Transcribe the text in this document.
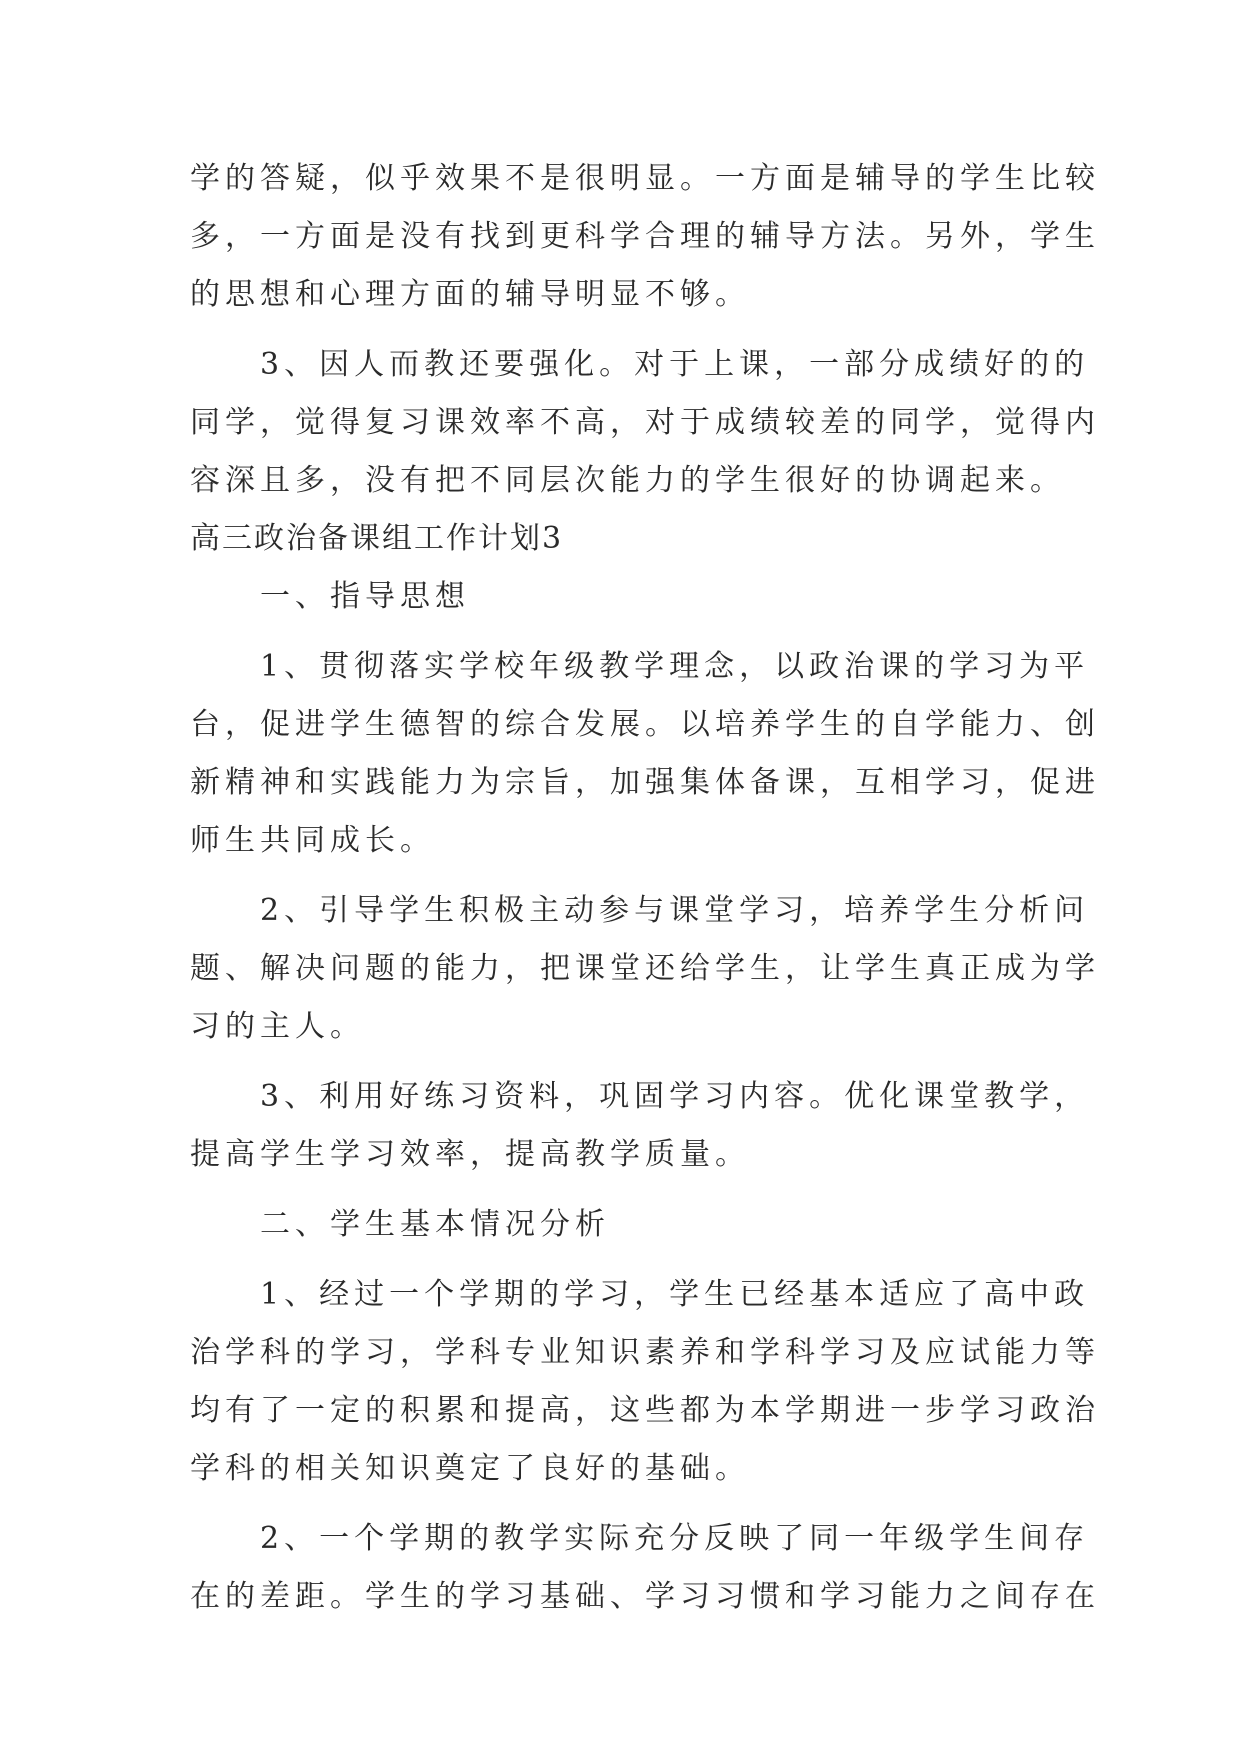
学的答疑，似乎效果不是很明显。一方面是辅导的学生比较
多，一方面是没有找到更科学合理的辅导方法。另外，学生
的思想和心理方面的辅导明显不够。
　　3、因人而教还要强化。对于上课，一部分成绩好的的
同学，觉得复习课效率不高，对于成绩较差的同学，觉得内
容深且多，没有把不同层次能力的学生很好的协调起来。
高三政治备课组工作计划3
　　一、指导思想
　　1、贯彻落实学校年级教学理念，以政治课的学习为平
台，促进学生德智的综合发展。以培养学生的自学能力、创
新精神和实践能力为宗旨，加强集体备课，互相学习，促进
师生共同成长。
　　2、引导学生积极主动参与课堂学习，培养学生分析问
题、解决问题的能力，把课堂还给学生，让学生真正成为学
习的主人。
　　3、利用好练习资料，巩固学习内容。优化课堂教学，
提高学生学习效率，提高教学质量。
　　二、学生基本情况分析
　　1、经过一个学期的学习，学生已经基本适应了高中政
治学科的学习，学科专业知识素养和学科学习及应试能力等
均有了一定的积累和提高，这些都为本学期进一步学习政治
学科的相关知识奠定了良好的基础。
　　2、一个学期的教学实际充分反映了同一年级学生间存
在的差距。学生的学习基础、学习习惯和学习能力之间存在
